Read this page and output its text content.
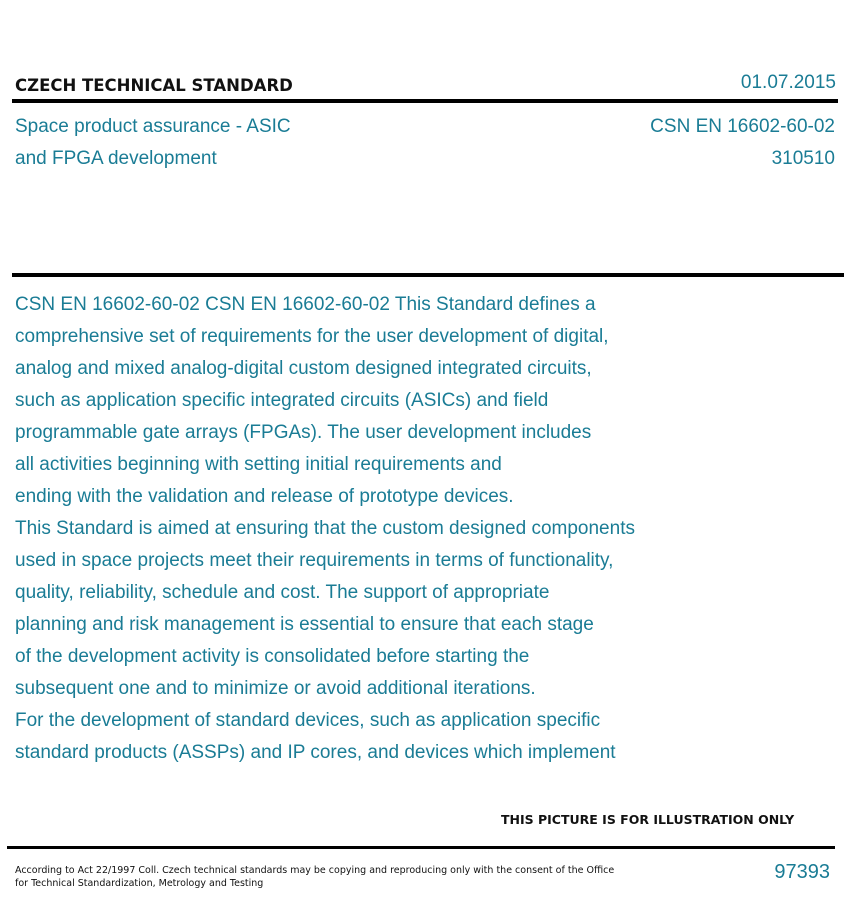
CZECH TECHNICAL STANDARD	01.07.2015
Space product assurance - ASIC
and FPGA development
CSN EN 16602-60-02
310510
CSN EN 16602-60-02 CSN EN 16602-60-02 This Standard defines a
comprehensive set of requirements for the user development of digital,
analog and mixed analog-digital custom designed integrated circuits,
such as application specific integrated circuits (ASICs) and field
programmable gate arrays (FPGAs). The user development includes
all activities beginning with setting initial requirements and
ending with the validation and release of prototype devices.
This Standard is aimed at ensuring that the custom designed components
used in space projects meet their requirements in terms of functionality,
quality, reliability, schedule and cost. The support of appropriate
planning and risk management is essential to ensure that each stage
of the development activity is consolidated before starting the
subsequent one and to minimize or avoid additional iterations.
For the development of standard devices, such as application specific
standard products (ASSPs) and IP cores, and devices which implement
THIS PICTURE IS FOR ILLUSTRATION ONLY
According to Act 22/1997 Coll. Czech technical standards may be copying and reproducing only with the consent of the Office
for Technical Standardization, Metrology and Testing
97393
